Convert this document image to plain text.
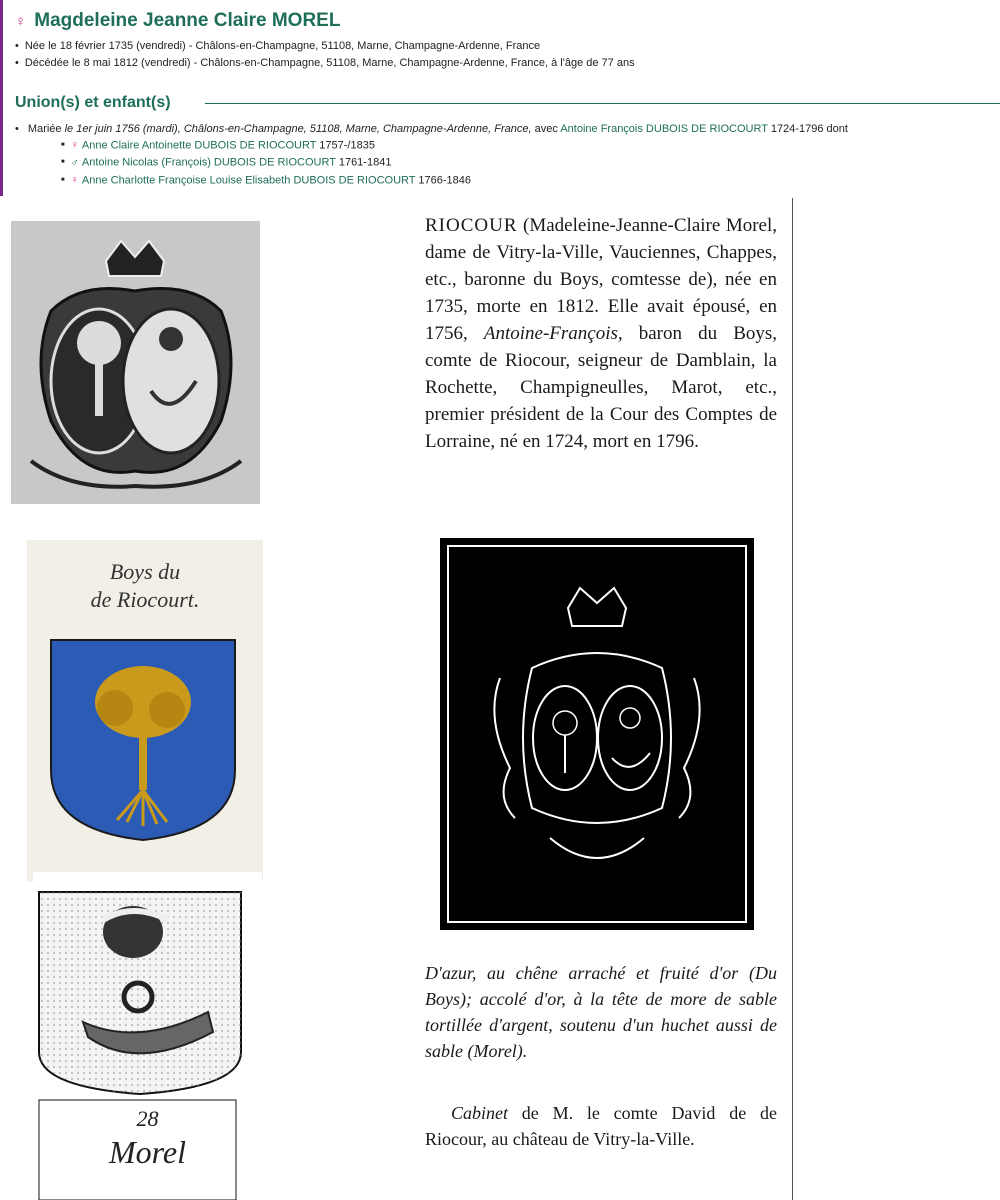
♀ Magdeleine Jeanne Claire MOREL
• Née le 18 février 1735 (vendredi) - Châlons-en-Champagne, 51108, Marne, Champagne-Ardenne, France
• Décédée le 8 mai 1812 (vendredi) - Châlons-en-Champagne, 51108, Marne, Champagne-Ardenne, France, à l'âge de 77 ans
Union(s) et enfant(s)
• Mariée le 1er juin 1756 (mardi), Châlons-en-Champagne, 51108, Marne, Champagne-Ardenne, France, avec Antoine François DUBOIS DE RIOCOURT 1724-1796 dont
■ ♀ Anne Claire Antoinette DUBOIS DE RIOCOURT 1757-/1835
■ ♂ Antoine Nicolas (François) DUBOIS DE RIOCOURT 1761-1841
■ ♀ Anne Charlotte Françoise Louise Elisabeth DUBOIS DE RIOCOURT 1766-1846
Boys du
de Riocourt.
28
Morel
RIOCOUR (Madeleine-Jeanne-Claire Morel, dame de Vitry-la-Ville, Vauciennes, Chappes, etc., baronne du Boys, comtesse de), née en 1735, morte en 1812. Elle avait épousé, en 1756, Antoine-François, baron du Boys, comte de Riocour, seigneur de Damblain, la Rochette, Champigneulles, Marot, etc., premier président de la Cour des Comptes de Lorraine, né en 1724, mort en 1796.
D'azur, au chêne arraché et fruité d'or (Du Boys); accolé d'or, à la tête de more de sable tortillée d'argent, soutenu d'un huchet aussi de sable (Morel).
Cabinet de M. le comte David de de Riocour, au château de Vitry-la-Ville.
